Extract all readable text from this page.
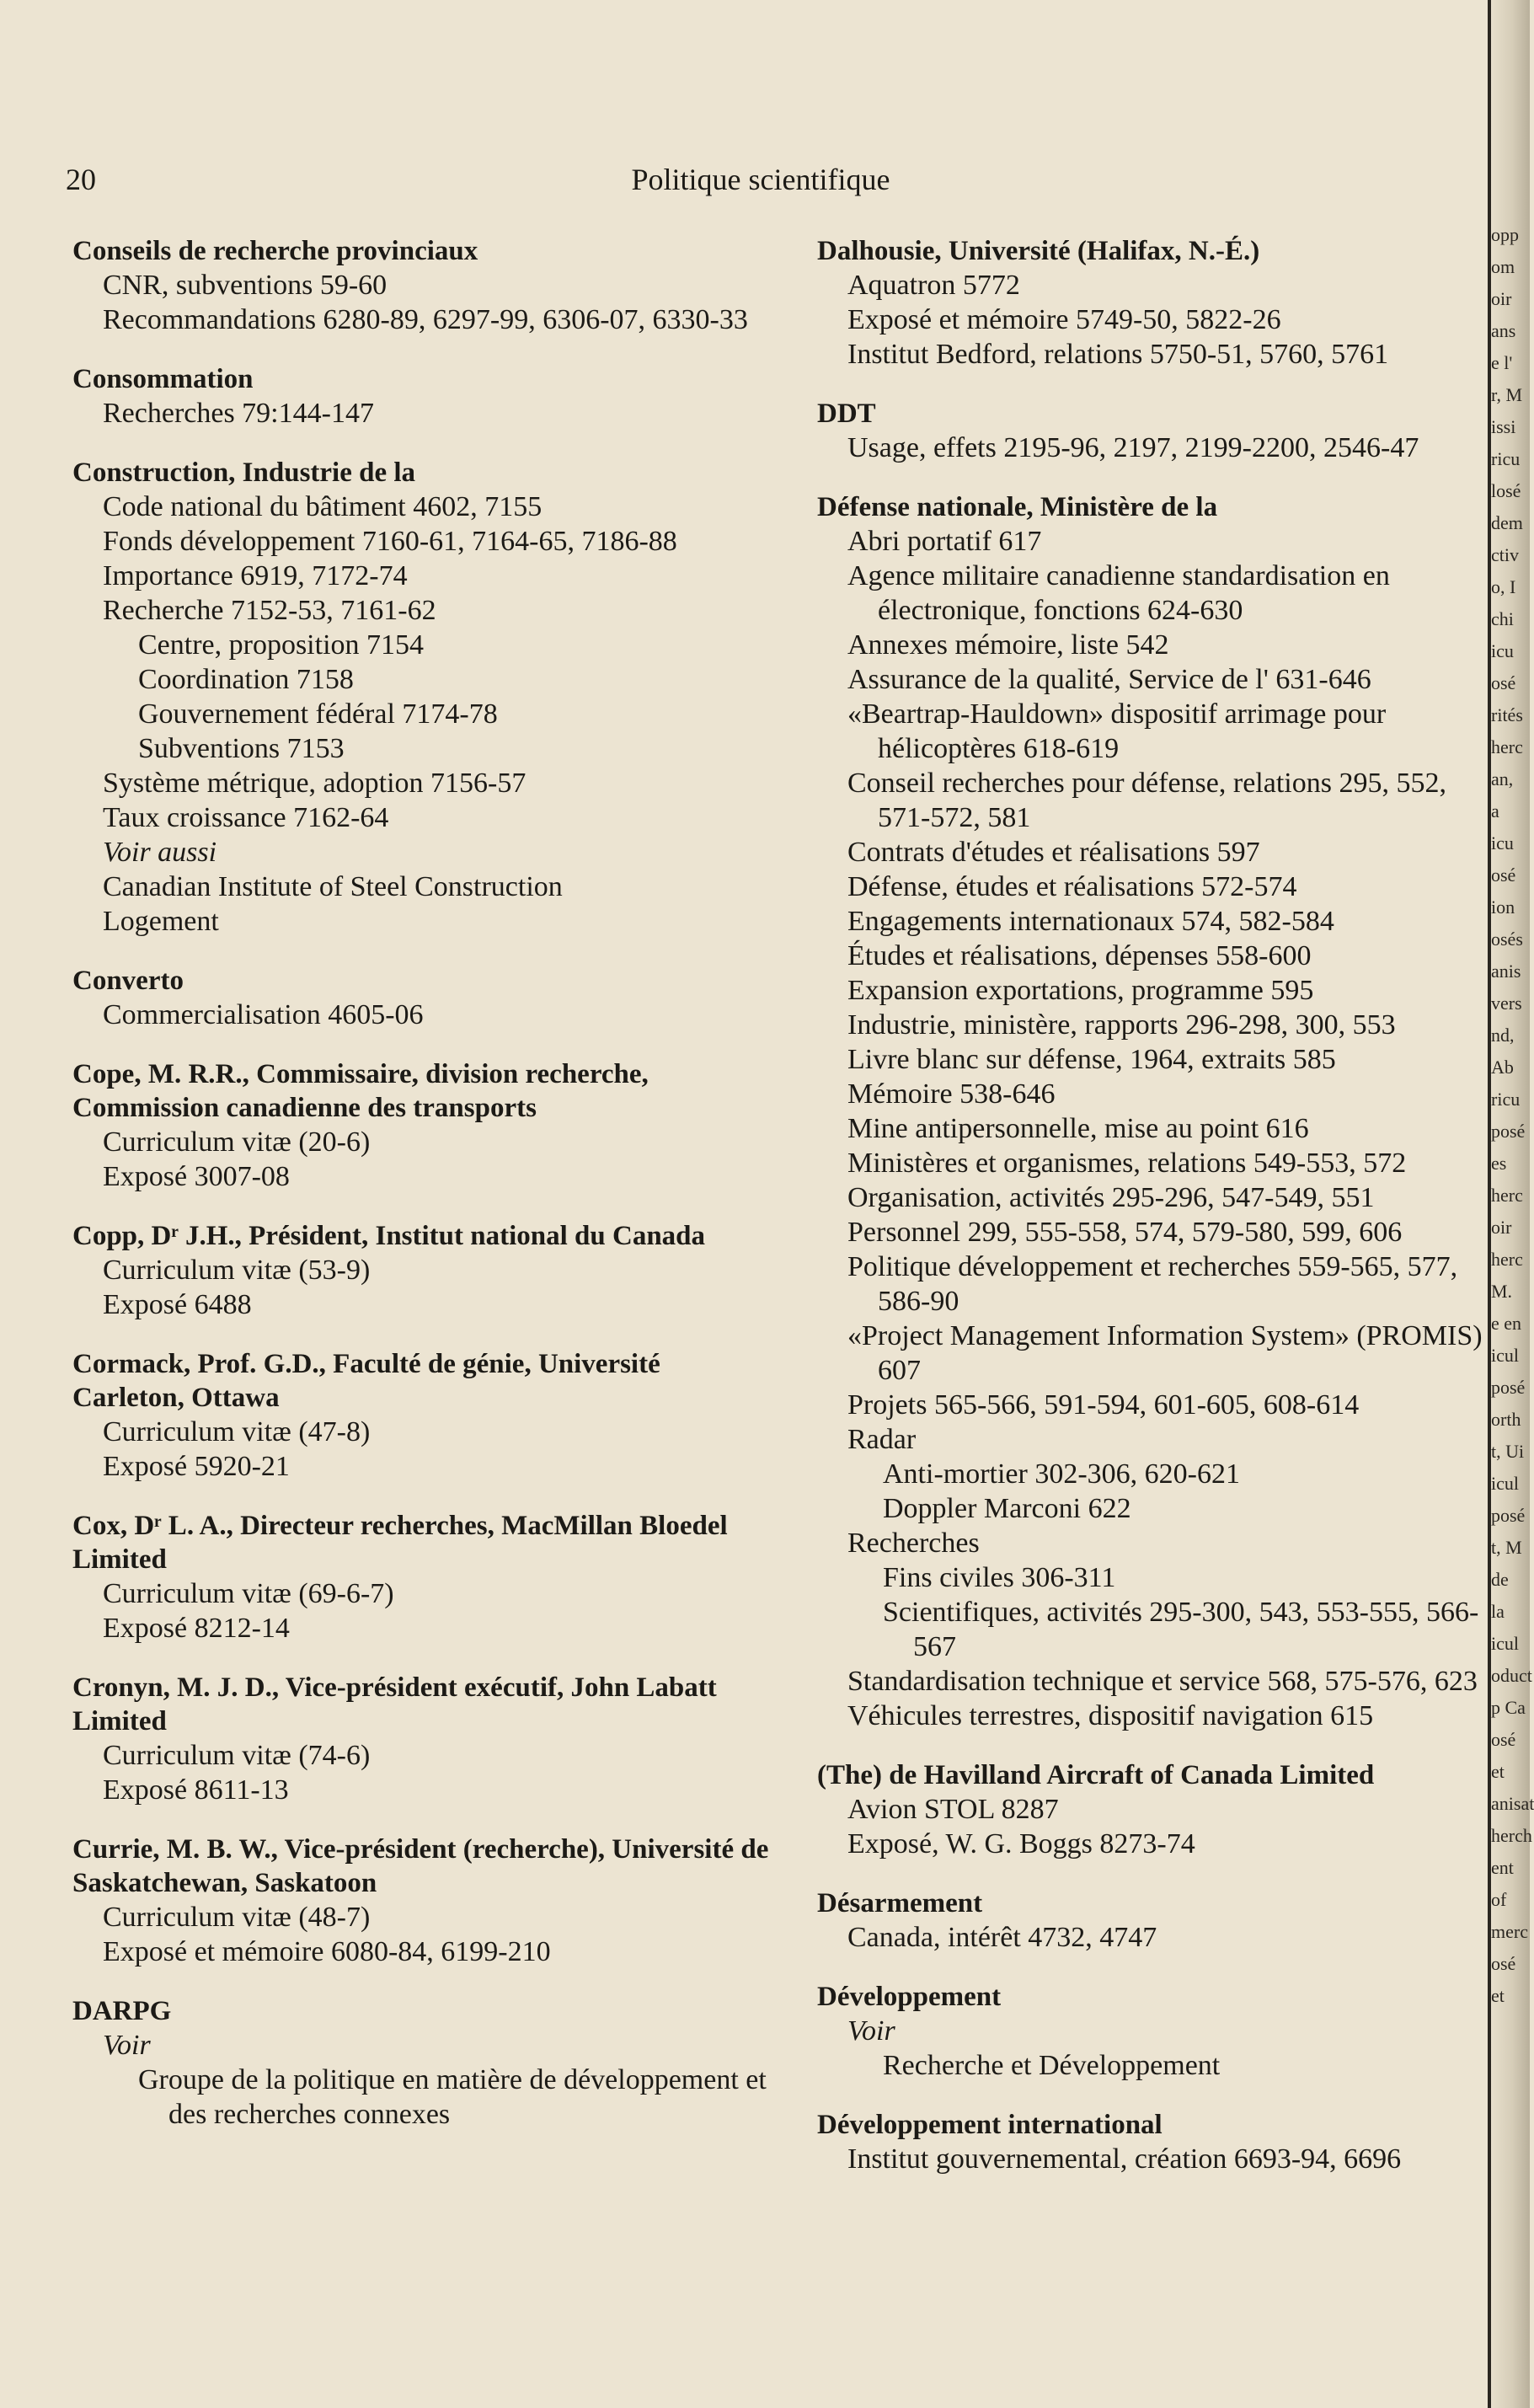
20	Politique scientifique
Conseils de recherche provinciaux
CNR, subventions 59-60
Recommandations 6280-89, 6297-99, 6306-07, 6330-33
Consommation
Recherches 79:144-147
Construction, Industrie de la
Code national du bâtiment 4602, 7155
Fonds développement 7160-61, 7164-65, 7186-88
Importance 6919, 7172-74
Recherche 7152-53, 7161-62
Centre, proposition 7154
Coordination 7158
Gouvernement fédéral 7174-78
Subventions 7153
Système métrique, adoption 7156-57
Taux croissance 7162-64
Voir aussi
Canadian Institute of Steel Construction
Logement
Converto
Commercialisation 4605-06
Cope, M. R.R., Commissaire, division recherche, Commission canadienne des transports
Curriculum vitæ (20-6)
Exposé 3007-08
Copp, Dʳ J.H., Président, Institut national du Canada
Curriculum vitæ (53-9)
Exposé 6488
Cormack, Prof. G.D., Faculté de génie, Université Carleton, Ottawa
Curriculum vitæ (47-8)
Exposé 5920-21
Cox, Dʳ L. A., Directeur recherches, MacMillan Bloedel Limited
Curriculum vitæ (69-6-7)
Exposé 8212-14
Cronyn, M. J. D., Vice-président exécutif, John Labatt Limited
Curriculum vitæ (74-6)
Exposé 8611-13
Currie, M. B. W., Vice-président (recherche), Université de Saskatchewan, Saskatoon
Curriculum vitæ (48-7)
Exposé et mémoire 6080-84, 6199-210
DARPG
Voir
Groupe de la politique en matière de développement et des recherches connexes
Dalhousie, Université (Halifax, N.-É.)
Aquatron 5772
Exposé et mémoire 5749-50, 5822-26
Institut Bedford, relations 5750-51, 5760, 5761
DDT
Usage, effets 2195-96, 2197, 2199-2200, 2546-47
Défense nationale, Ministère de la
Abri portatif 617
Agence militaire canadienne standardisation en électronique, fonctions 624-630
Annexes mémoire, liste 542
Assurance de la qualité, Service de l' 631-646
«Beartrap-Hauldown» dispositif arrimage pour hélicoptères 618-619
Conseil recherches pour défense, relations 295, 552, 571-572, 581
Contrats d'études et réalisations 597
Défense, études et réalisations 572-574
Engagements internationaux 574, 582-584
Études et réalisations, dépenses 558-600
Expansion exportations, programme 595
Industrie, ministère, rapports 296-298, 300, 553
Livre blanc sur défense, 1964, extraits 585
Mémoire 538-646
Mine antipersonnelle, mise au point 616
Ministères et organismes, relations 549-553, 572
Organisation, activités 295-296, 547-549, 551
Personnel 299, 555-558, 574, 579-580, 599, 606
Politique développement et recherches 559-565, 577, 586-90
«Project Management Information System» (PROMIS) 607
Projets 565-566, 591-594, 601-605, 608-614
Radar
Anti-mortier 302-306, 620-621
Doppler Marconi 622
Recherches
Fins civiles 306-311
Scientifiques, activités 295-300, 543, 553-555, 566-567
Standardisation technique et service 568, 575-576, 623
Véhicules terrestres, dispositif navigation 615
(The) de Havilland Aircraft of Canada Limited
Avion STOL 8287
Exposé, W. G. Boggs 8273-74
Désarmement
Canada, intérêt 4732, 4747
Développement
Voir
Recherche et Développement
Développement international
Institut gouvernemental, création 6693-94, 6696
opp
om
oir
ans
e l'
r, M
issi
ricu
losé
dem
ctiv
o, I
chi
icu
osé
rités
herc
an,
a
icu
osé
ion
osés
anis
vers
nd,
Ab
ricu
posé
es
herc
oir
herc
M.
e en
icul
posé
orth
t, Ui
icul
posé
t, M
de la
icul
oduct
p Ca
osé et
anisat
herch
ent of
merc
osé et
